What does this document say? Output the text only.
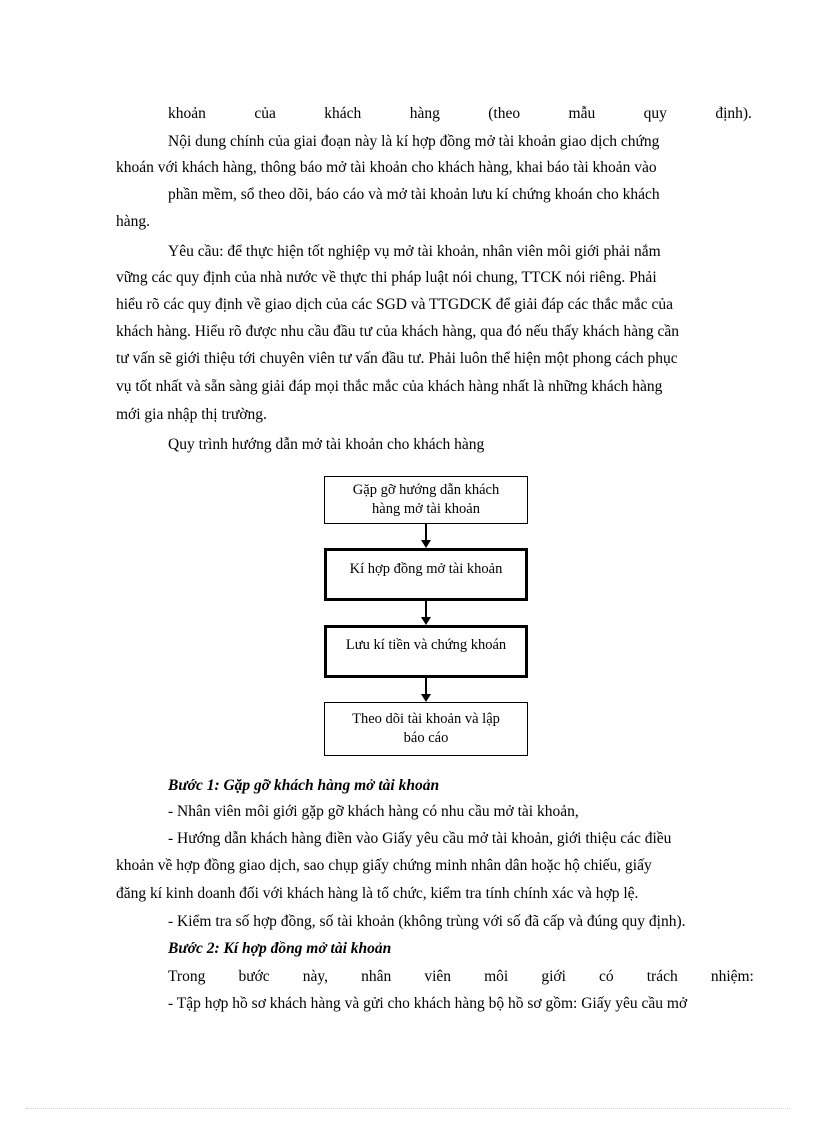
khoản	của	khách	hàng	(theo	mẫu	quy	định).
Nội dung chính của giai đoạn này là kí hợp đồng mở tài khoản giao dịch chứng
khoán với khách hàng, thông báo mở tài khoản cho khách hàng, khai báo tài khoản vào
phần mềm, sổ theo dõi, báo cáo và mở tài khoản lưu kí chứng khoán cho khách
hàng.
Yêu cầu: để thực hiện tốt nghiệp vụ mở tài khoản, nhân viên môi giới phải nắm
vững các quy định của nhà nước về thực thi pháp luật nói chung, TTCK nói riêng. Phải
hiểu rõ các quy định về giao dịch của các SGD và TTGDCK để giải đáp các thắc mắc của
khách hàng. Hiểu rõ được nhu cầu đầu tư của khách hàng, qua đó nếu thấy khách hàng cần
tư vấn sẽ giới thiệu tới chuyên viên tư vấn đầu tư. Phải luôn thể hiện một phong cách phục
vụ tốt nhất và sẵn sàng giải đáp mọi thắc mắc của khách hàng nhất là những khách hàng
mới gia nhập thị trường.
Quy trình hướng dẫn mở tài khoản cho khách hàng
Gặp gỡ hướng dẫn khách
hàng mở tài khoản
Kí hợp đồng mở tài khoản
Lưu kí tiền và chứng khoán
Theo dõi tài khoản và lập
báo cáo
Bước 1: Gặp gỡ khách hàng mở tài khoản
- Nhân viên môi giới gặp gỡ khách hàng có nhu cầu mở tài khoản,
- Hướng dẫn khách hàng điền vào Giấy yêu cầu mở tài khoản, giới thiệu các điều
khoản về hợp đồng giao dịch, sao chụp giấy chứng minh nhân dân hoặc hộ chiếu, giấy
đăng kí kinh doanh đối với khách hàng là tổ chức, kiểm tra tính chính xác và hợp lệ.
- Kiểm tra số hợp đồng, số tài khoản (không trùng với số đã cấp và đúng quy định).
Bước 2: Kí hợp đồng mở tài khoản
Trong bước này, nhân viên môi giới có trách nhiệm:
- Tập hợp hồ sơ khách hàng và gửi cho khách hàng bộ hồ sơ gồm: Giấy yêu cầu mở
